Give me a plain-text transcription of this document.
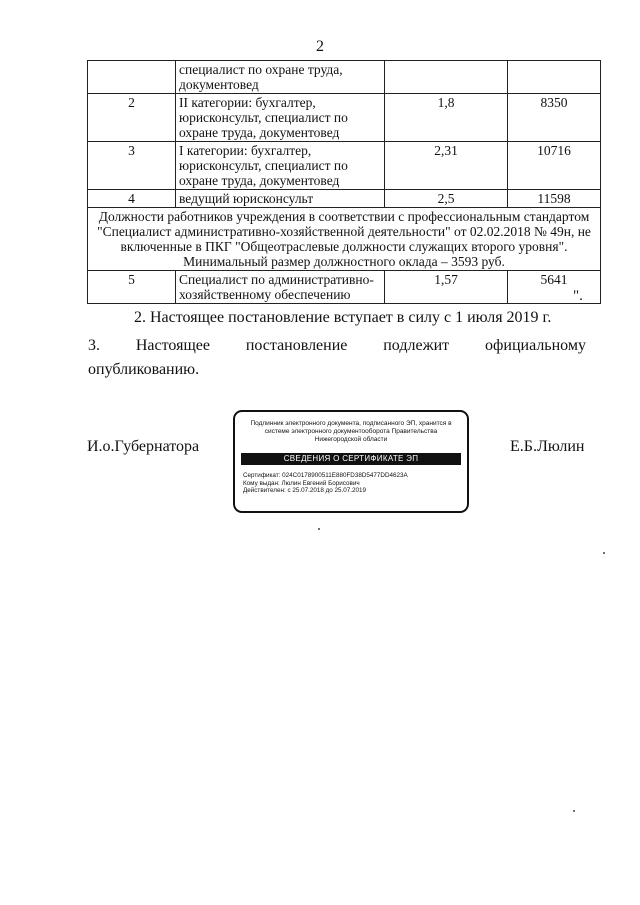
2
	специалист по охране труда, документовед		
2	II категории: бухгалтер, юрисконсульт, специалист по охране труда, документовед	1,8	8350
3	I категории: бухгалтер, юрисконсульт, специалист по охране труда, документовед	2,31	10716
4	ведущий юрисконсульт	2,5	11598
Должности работников учреждения в соответствии с профессиональным стандартом "Специалист административно-хозяйственной деятельности" от 02.02.2018 № 49н, не включенные в ПКГ "Общеотраслевые должности служащих второго уровня".
Минимальный размер должностного оклада – 3593 руб.			
5	Специалист по административно-хозяйственному обеспечению	1,57	5641
".
2. Настоящее постановление вступает в силу с 1 июля 2019 г.
3. Настоящее постановление подлежит официальному
опубликованию.
И.о.Губернатора	Е.Б.Люлин
Подлинник электронного документа, подписанного ЭП, хранится в системе электронного документооборота Правительства Нижегородской области
СВЕДЕНИЯ О СЕРТИФИКАТЕ ЭП
Сертификат: 024C0178900511E880FD38D5477DD4623A
Кому выдан: Люлин Евгений Борисович
Действителен: с 25.07.2018 до 25.07.2019
